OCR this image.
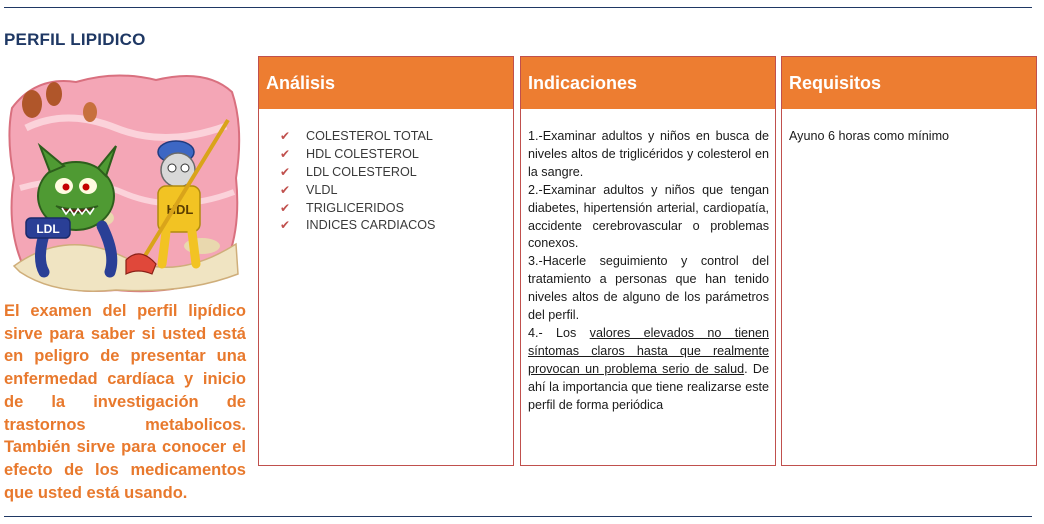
PERFIL LIPIDICO
LDL
HDL

El examen del perfil lipídico sirve para saber si usted está en peligro de presentar una enfermedad cardíaca y inicio de la investigación de trastornos metabolicos. También sirve para conocer el efecto de los medicamentos que usted está usando.

Análisis
✔	COLESTEROL TOTAL
✔	HDL COLESTEROL
✔	LDL COLESTEROL
✔	VLDL
✔	TRIGLICERIDOS
✔	INDICES CARDIACOS
Indicaciones

1.-Examinar adultos y niños en busca de niveles altos de triglicéridos y colesterol en la sangre.

2.-Examinar adultos y niños que tengan diabetes, hipertensión arterial, cardiopatía, accidente cerebrovascular o problemas conexos.

3.-Hacerle seguimiento y control del tratamiento a personas que han tenido niveles altos de alguno de los parámetros del perfil.

4.- Los valores elevados no tienen síntomas claros hasta que realmente provocan un problema serio de salud. De ahí la importancia que tiene realizarse este perfil de forma periódica

Requisitos

Ayuno 6 horas como mínimo
